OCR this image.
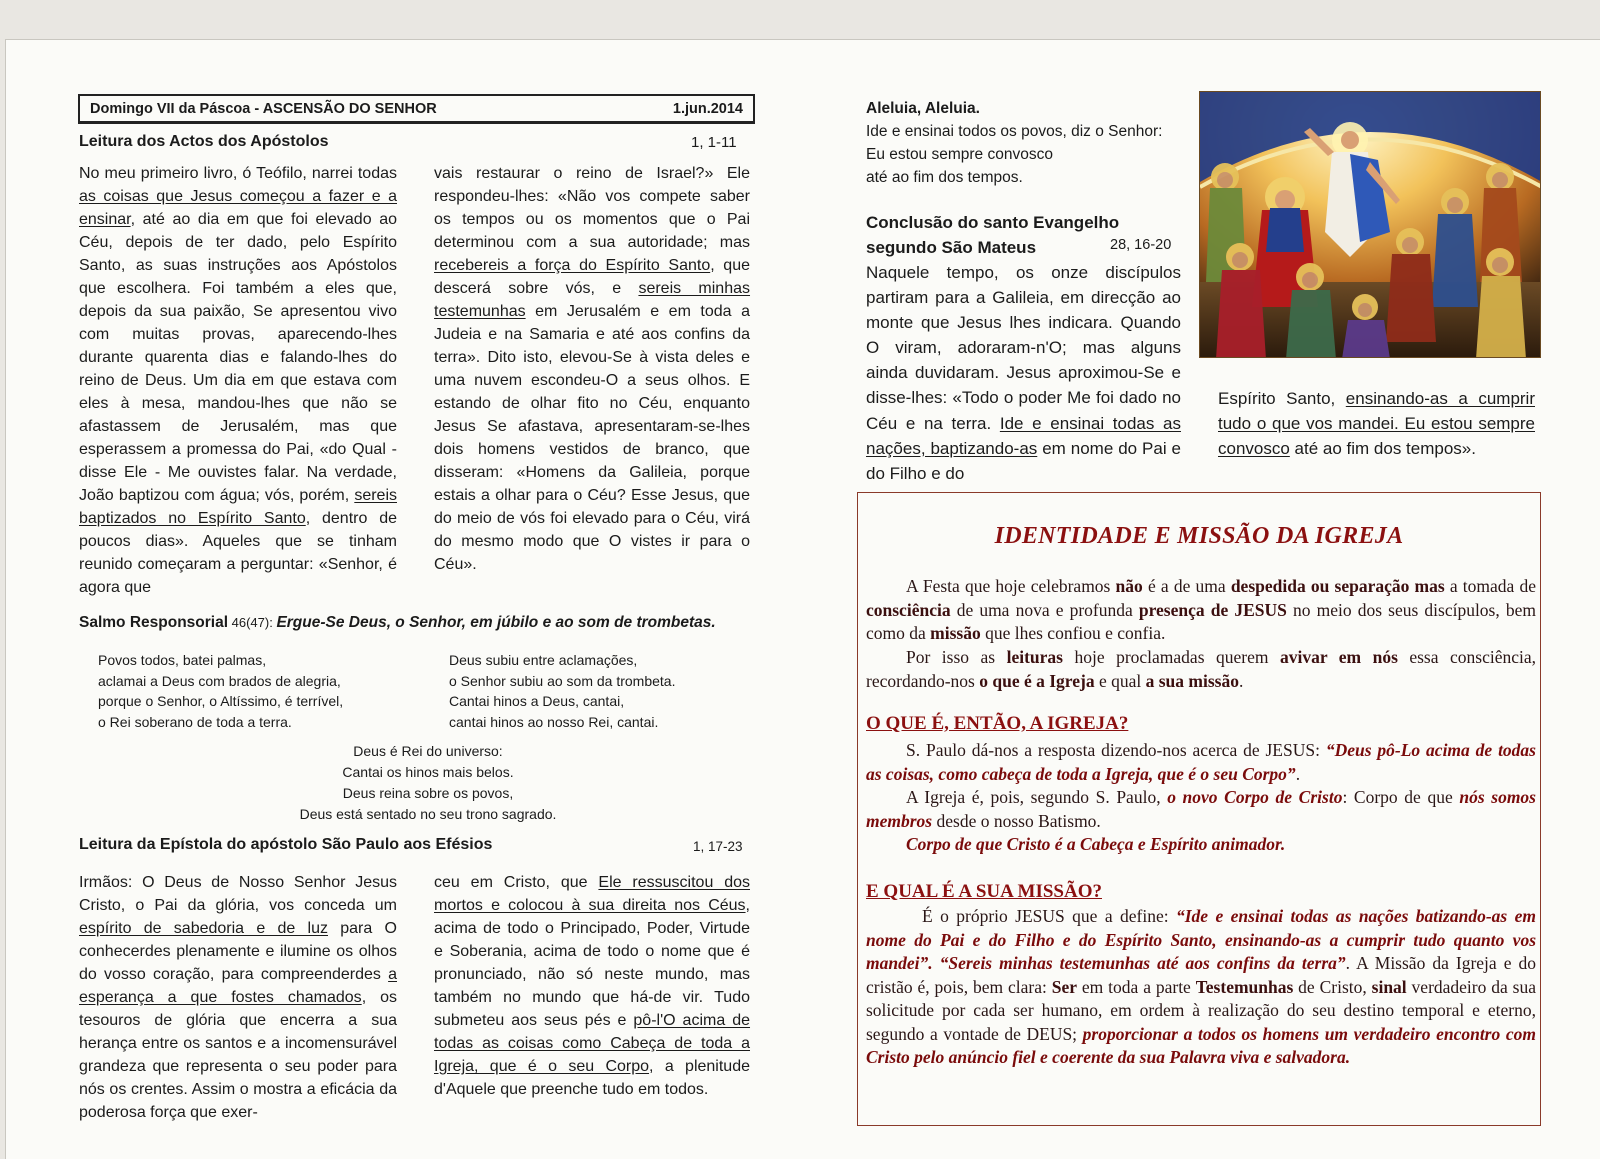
Domingo VII da Páscoa - ASCENSÃO DO SENHOR	1.jun.2014
Leitura dos Actos dos Apóstolos	1, 1-11
No meu primeiro livro, ó Teófilo, narrei todas as coisas que Jesus começou a fazer e a ensinar, até ao dia em que foi elevado ao Céu, depois de ter dado, pelo Espírito Santo, as suas instruções aos Apóstolos que escolhera. Foi também a eles que, depois da sua paixão, Se apresentou vivo com muitas provas, aparecendo-lhes durante quarenta dias e falando-lhes do reino de Deus. Um dia em que estava com eles à mesa, mandou-lhes que não se afastassem de Jerusalém, mas que esperassem a promessa do Pai, «do Qual - disse Ele - Me ouvistes falar. Na verdade, João baptizou com água; vós, porém, sereis baptizados no Espírito Santo, dentro de poucos dias». Aqueles que se tinham reunido começaram a perguntar: «Senhor, é agora que
vais restaurar o reino de Israel?» Ele respondeu-lhes: «Não vos compete saber os tempos ou os momentos que o Pai determinou com a sua autoridade; mas recebereis a força do Espírito Santo, que descerá sobre vós, e sereis minhas testemunhas em Jerusalém e em toda a Judeia e na Samaria e até aos confins da terra». Dito isto, elevou-Se à vista deles e uma nuvem escondeu-O a seus olhos. E estando de olhar fito no Céu, enquanto Jesus Se afastava, apresentaram-se-lhes dois homens vestidos de branco, que disseram: «Homens da Galileia, porque estais a olhar para o Céu? Esse Jesus, que do meio de vós foi elevado para o Céu, virá do mesmo modo que O vistes ir para o Céu».
Salmo Responsorial 46(47): Ergue-Se Deus, o Senhor, em júbilo e ao som de trombetas.
Povos todos, batei palmas,
aclamai a Deus com brados de alegria,
porque o Senhor, o Altíssimo, é terrível,
o Rei soberano de toda a terra.
Deus subiu entre aclamações,
o Senhor subiu ao som da trombeta.
Cantai hinos a Deus, cantai,
cantai hinos ao nosso Rei, cantai.
Deus é Rei do universo:
Cantai os hinos mais belos.
Deus reina sobre os povos,
Deus está sentado no seu trono sagrado.
Leitura da Epístola do apóstolo São Paulo aos Efésios	1, 17-23
Irmãos: O Deus de Nosso Senhor Jesus Cristo, o Pai da glória, vos conceda um espírito de sabedoria e de luz para O conhecerdes plenamente e ilumine os olhos do vosso coração, para compreenderdes a esperança a que fostes chamados, os tesouros de glória que encerra a sua herança entre os santos e a incomensurável grandeza que representa o seu poder para nós os crentes. Assim o mostra a eficácia da poderosa força que exer-
ceu em Cristo, que Ele ressuscitou dos mortos e colocou à sua direita nos Céus, acima de todo o Principado, Poder, Virtude e Soberania, acima de todo o nome que é pronunciado, não só neste mundo, mas também no mundo que há-de vir. Tudo submeteu aos seus pés e pô-l'O acima de todas as coisas como Cabeça de toda a Igreja, que é o seu Corpo, a plenitude d'Aquele que preenche tudo em todos.
Aleluia, Aleluia.
Ide e ensinai todos os povos, diz o Senhor:
Eu estou sempre convosco
até ao fim dos tempos.
Conclusão do santo Evangelho
segundo São Mateus	28, 16-20
Naquele tempo, os onze discípulos partiram para a Galileia, em direcção ao monte que Jesus lhes indicara. Quando O viram, adoraram-n'O; mas alguns ainda duvidaram. Jesus aproximou-Se e disse-lhes: «Todo o poder Me foi dado no Céu e na terra. Ide e ensinai todas as nações, baptizando-as em nome do Pai e do Filho e do
Espírito Santo, ensinando-as a cumprir tudo o que vos mandei. Eu estou sempre convosco até ao fim dos tempos».
IDENTIDADE E MISSÃO DA IGREJA
A Festa que hoje celebramos não é a de uma despedida ou separação mas a tomada de consciência de uma nova e profunda presença de JESUS no meio dos seus discípulos, bem como da missão que lhes confiou e confia.
Por isso as leituras hoje proclamadas querem avivar em nós essa consciência, recordando-nos o que é a Igreja e qual a sua missão.
O QUE É, ENTÃO, A IGREJA?
S. Paulo dá-nos a resposta dizendo-nos acerca de JESUS: “Deus pô-Lo acima de todas as coisas, como cabeça de toda a Igreja, que é o seu Corpo”.
A Igreja é, pois, segundo S. Paulo, o novo Corpo de Cristo: Corpo de que nós somos membros desde o nosso Batismo.
Corpo de que Cristo é a Cabeça e Espírito animador.
E QUAL É A SUA MISSÃO?
É o próprio JESUS que a define: “Ide e ensinai todas as nações batizando-as em nome do Pai e do Filho e do Espírito Santo, ensinando-as a cumprir tudo quanto vos mandei”. “Sereis minhas testemunhas até aos confins da terra”. A Missão da Igreja e do cristão é, pois, bem clara: Ser em toda a parte Testemunhas de Cristo, sinal verdadeiro da sua solicitude por cada ser humano, em ordem à realização do seu destino temporal e eterno, segundo a vontade de DEUS; proporcionar a todos os homens um verdadeiro encontro com Cristo pelo anúncio fiel e coerente da sua Palavra viva e salvadora.
